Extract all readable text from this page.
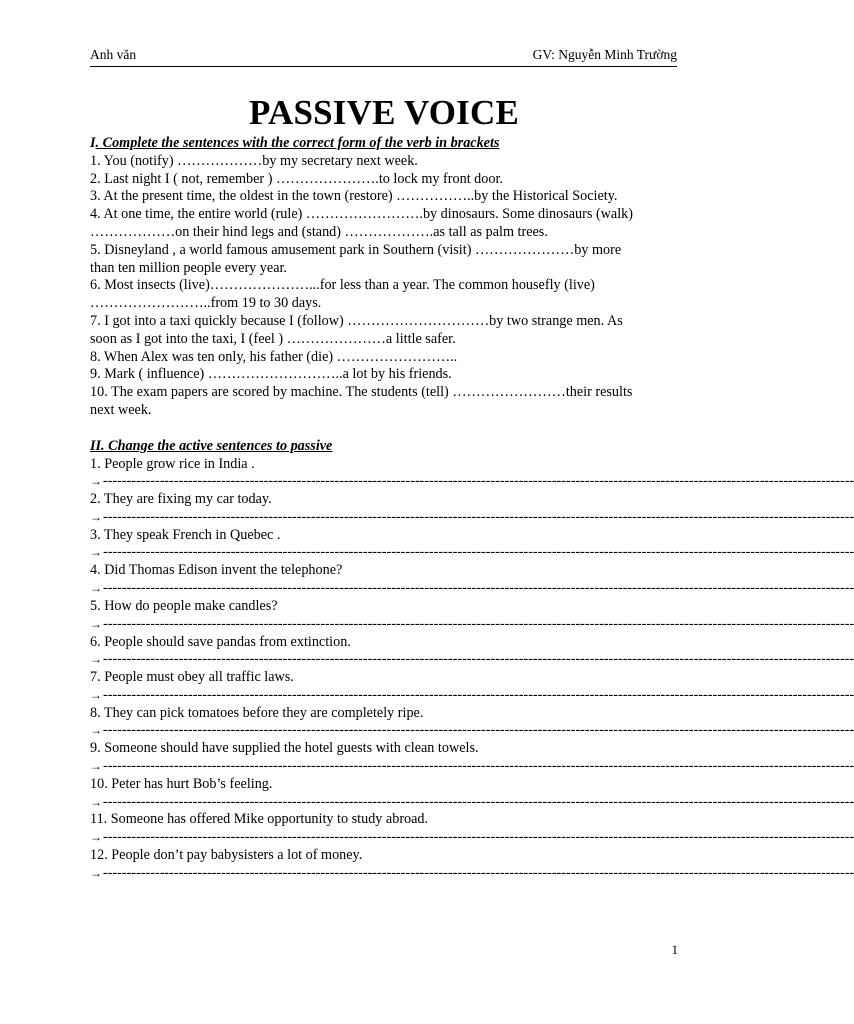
Anh văn	GV: Nguyễn Minh Trường
PASSIVE VOICE
I. Complete the sentences with the correct form of the verb in brackets
1. You (notify) ………………by my secretary next week.
2. Last night I ( not, remember ) ………………….to lock my front door.
3. At the present time, the oldest in the town (restore) ……………..by the Historical Society.
4. At one time, the entire world (rule) …………………….by dinosaurs. Some dinosaurs (walk)
………………on their hind legs and (stand) ……………….as tall as palm trees.
5. Disneyland , a world famous amusement park in Southern (visit) …………………by more
than ten million people every year.
6. Most insects (live)…………………...for less than a year. The common housefly (live)
……………………..from 19 to 30 days.
7. I got into a taxi quickly because I (follow) …………………………by two strange men. As
soon as I got into the taxi, I (feel ) …………………a little safer.
8. When Alex was ten only, his father (die) ……………………..
9. Mark ( influence) ………………………..a lot by his friends.
10. The exam papers are scored by machine. The students (tell) ……………………their results
next week.
II. Change the active sentences to passive
1. People grow rice in India .
→ ---------------------------------------------------------------------------------------------------------------------------------------------------------------
2. They are fixing my car today.
→ ---------------------------------------------------------------------------------------------------------------------------------------------------------------
3. They speak French in Quebec .
→ ---------------------------------------------------------------------------------------------------------------------------------------------------------------
4. Did Thomas Edison invent the telephone?
→ ---------------------------------------------------------------------------------------------------------------------------------------------------------------
5. How do people make candles?
→ ---------------------------------------------------------------------------------------------------------------------------------------------------------------
6. People should save pandas from extinction.
→ ---------------------------------------------------------------------------------------------------------------------------------------------------------------
7. People must obey all traffic laws.
→ ---------------------------------------------------------------------------------------------------------------------------------------------------------------
8. They can pick tomatoes before they are completely ripe.
→ ---------------------------------------------------------------------------------------------------------------------------------------------------------------
9. Someone should have supplied the hotel guests with clean towels.
→ ---------------------------------------------------------------------------------------------------------------------------------------------------------------
10. Peter has hurt Bob’s feeling.
→ ---------------------------------------------------------------------------------------------------------------------------------------------------------------
11. Someone has offered Mike opportunity to study abroad.
→ ---------------------------------------------------------------------------------------------------------------------------------------------------------------
12. People don’t pay babysisters a lot of money.
→ ---------------------------------------------------------------------------------------------------------------------------------------------------------------
1
